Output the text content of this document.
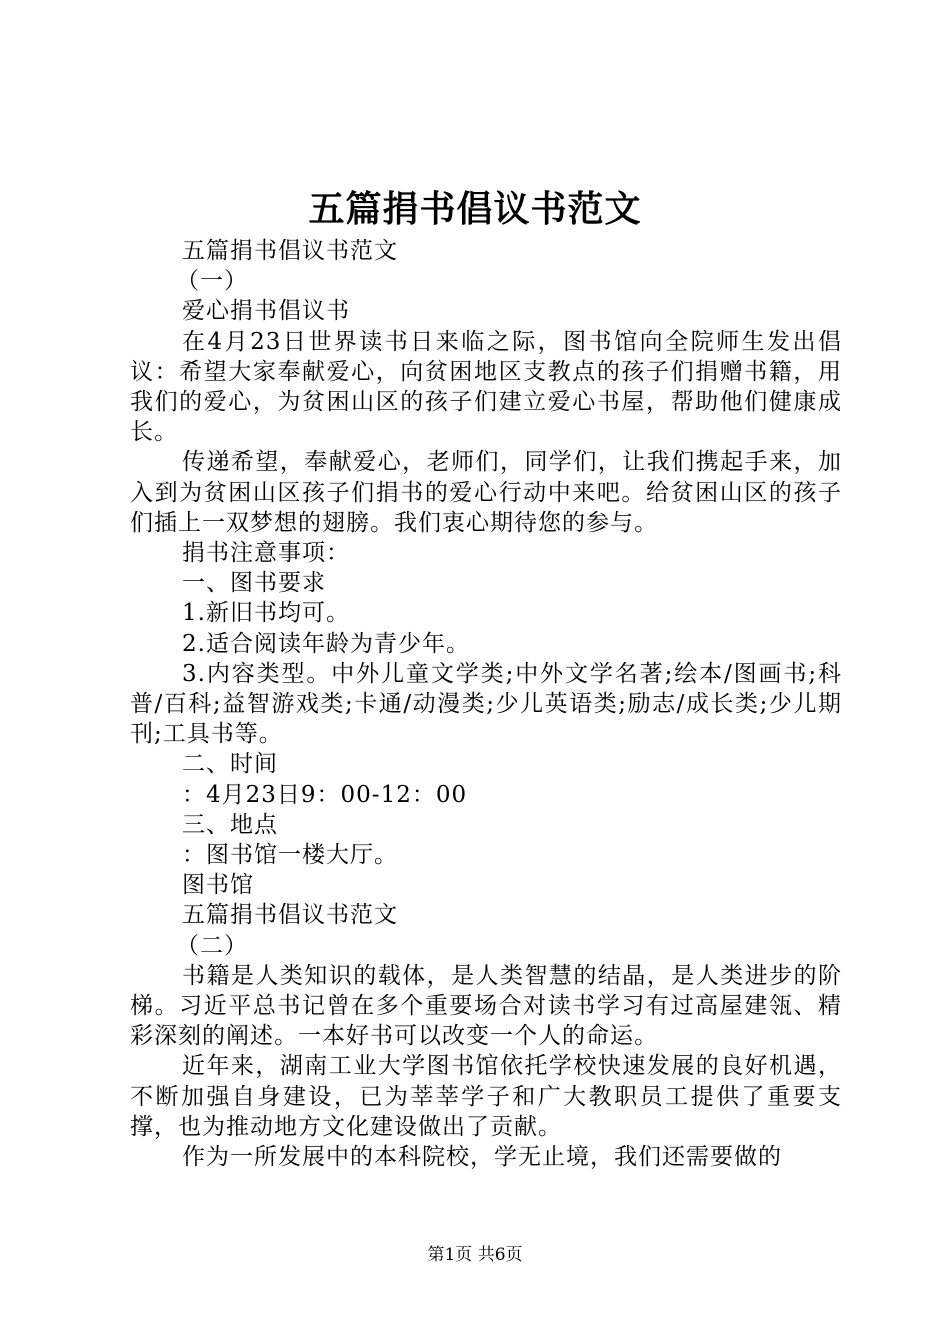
五篇捐书倡议书范文

五篇捐书倡议书范文

（一）

爱心捐书倡议书

在4月23日世界读书日来临之际，图书馆向全院师生发出倡议：希望大家奉献爱心，向贫困地区支教点的孩子们捐赠书籍，用我们的爱心，为贫困山区的孩子们建立爱心书屋，帮助他们健康成长。

传递希望，奉献爱心，老师们，同学们，让我们携起手来，加入到为贫困山区孩子们捐书的爱心行动中来吧。给贫困山区的孩子们插上一双梦想的翅膀。我们衷心期待您的参与。

捐书注意事项：

一、图书要求

1.新旧书均可。

2.适合阅读年龄为青少年。

3.内容类型。中外儿童文学类;中外文学名著;绘本/图画书;科普/百科;益智游戏类;卡通/动漫类;少儿英语类;励志/成长类;少儿期刊;工具书等。

二、时间

：4月23日9：00-12：00

三、地点

：图书馆一楼大厅。

图书馆

五篇捐书倡议书范文

（二）

书籍是人类知识的载体，是人类智慧的结晶，是人类进步的阶梯。习近平总书记曾在多个重要场合对读书学习有过高屋建瓴、精彩深刻的阐述。一本好书可以改变一个人的命运。

近年来，湖南工业大学图书馆依托学校快速发展的良好机遇，不断加强自身建设，已为莘莘学子和广大教职员工提供了重要支撑，也为推动地方文化建设做出了贡献。

作为一所发展中的本科院校，学无止境，我们还需要做的

第1页 共6页
